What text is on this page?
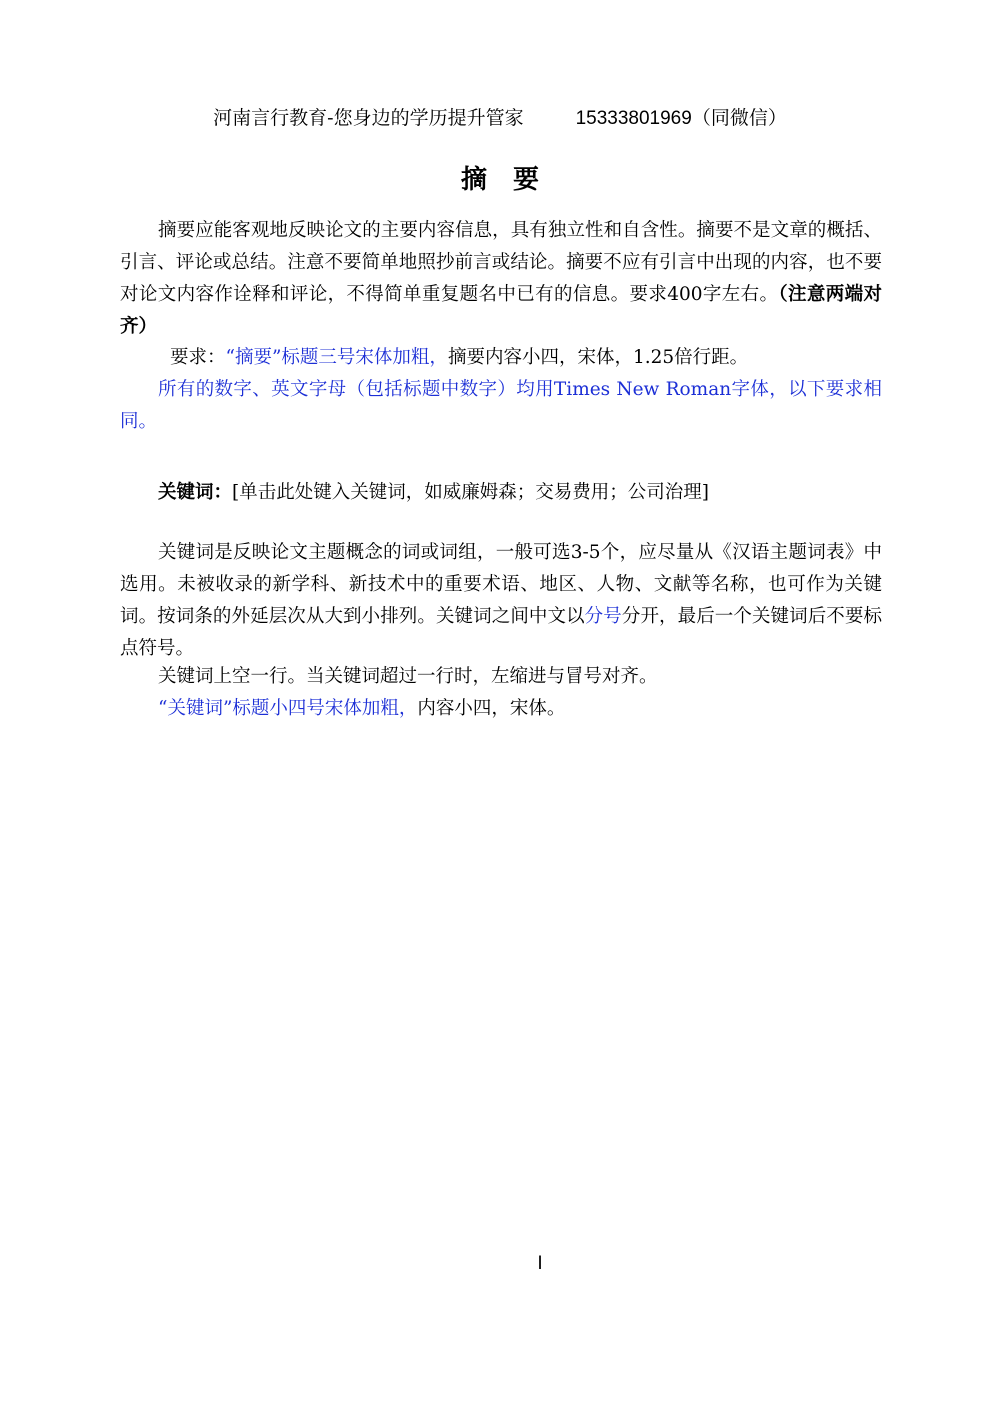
河南言行教育-您身边的学历提升管家	15333801969（同微信）
摘要
摘要应能客观地反映论文的主要内容信息，具有独立性和自含性。摘要不是文章的概括、引言、评论或总结。注意不要简单地照抄前言或结论。摘要不应有引言中出现的内容，也不要对论文内容作诠释和评论，不得简单重复题名中已有的信息。要求400字左右。（注意两端对齐）
要求：“摘要”标题三号宋体加粗，摘要内容小四，宋体，1.25倍行距。
所有的数字、英文字母（包括标题中数字）均用Times New Roman字体，以下要求相同。
关键词：[单击此处键入关键词，如威廉姆森；交易费用；公司治理]
关键词是反映论文主题概念的词或词组，一般可选3-5个，应尽量从《汉语主题词表》中选用。未被收录的新学科、新技术中的重要术语、地区、人物、文献等名称，也可作为关键词。按词条的外延层次从大到小排列。关键词之间中文以分号分开，最后一个关键词后不要标点符号。
关键词上空一行。当关键词超过一行时，左缩进与冒号对齐。
“关键词”标题小四号宋体加粗，内容小四，宋体。
I
